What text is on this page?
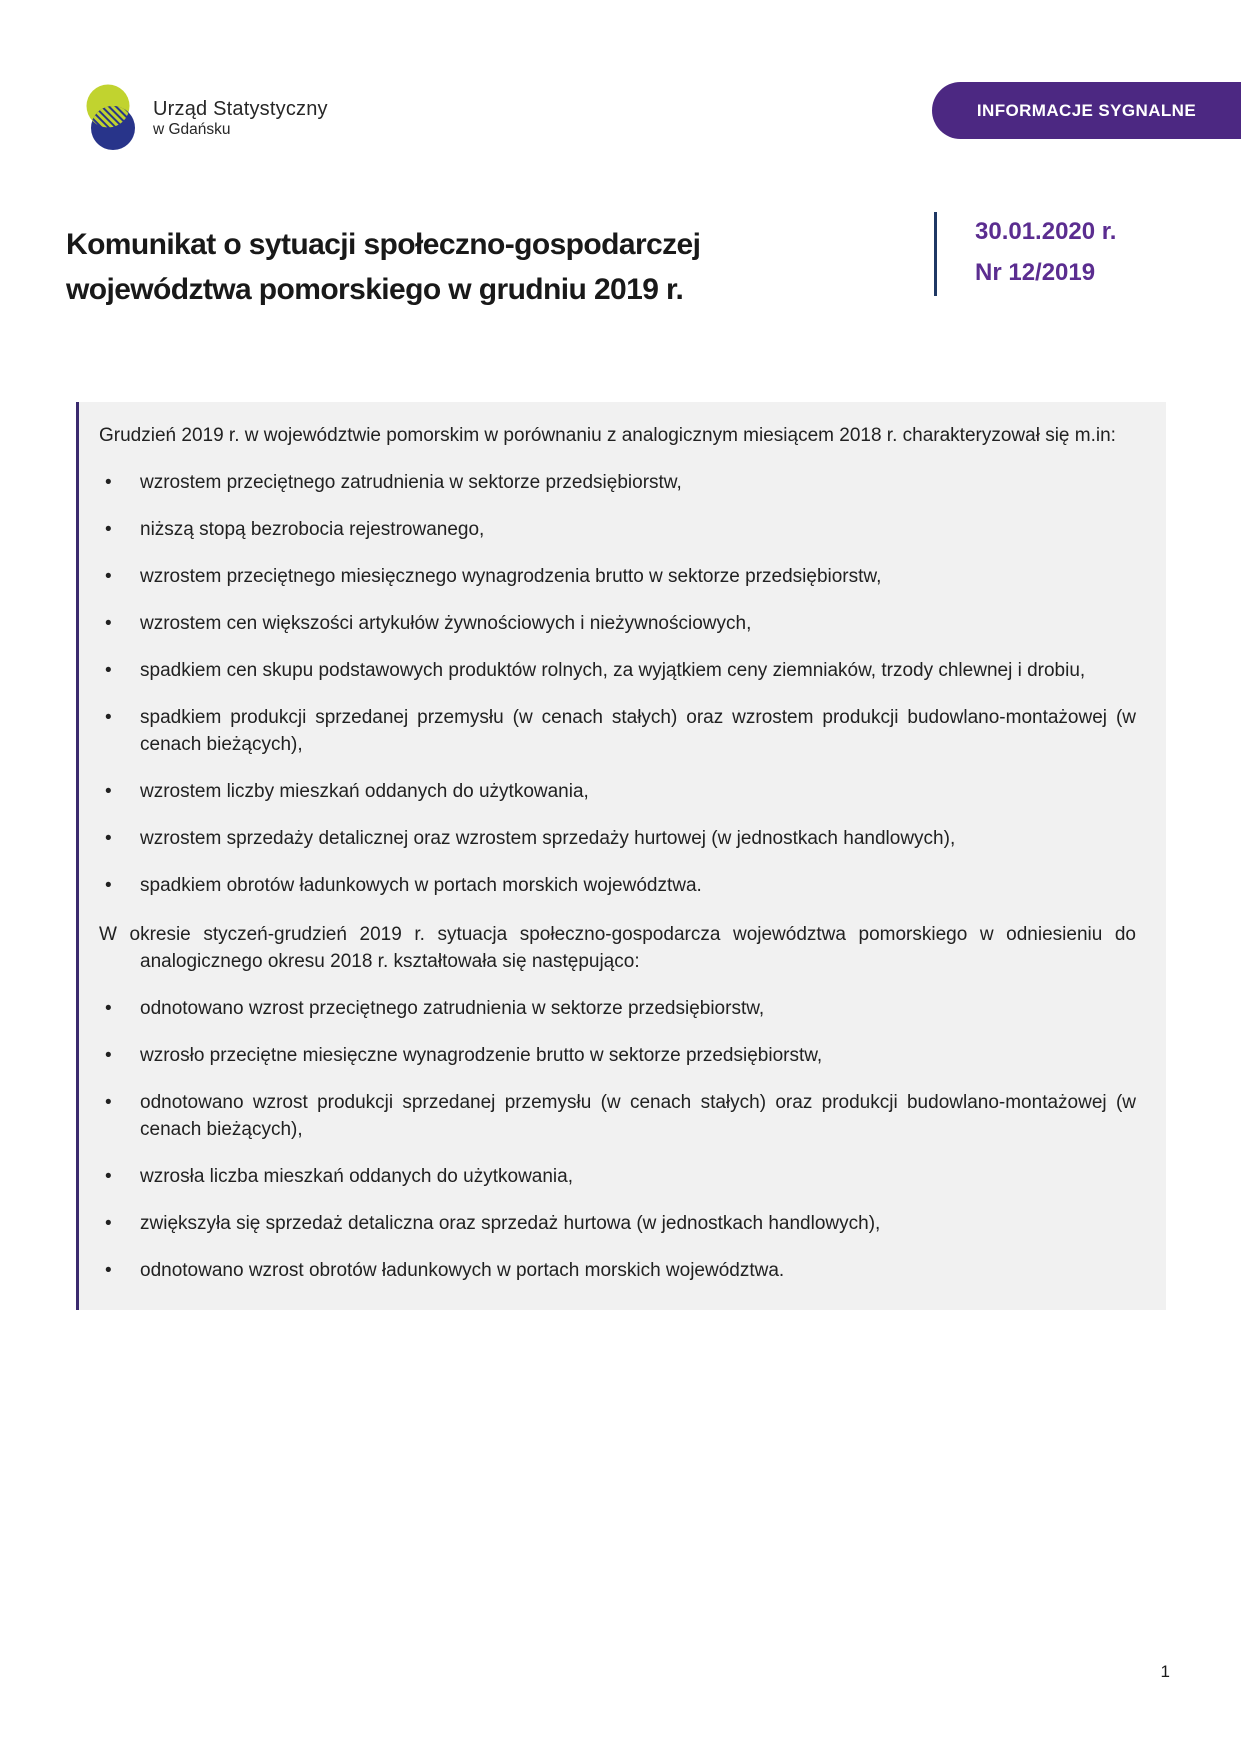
Urząd Statystyczny
w Gdańsku
INFORMACJE SYGNALNE
Komunikat o sytuacji społeczno-gospodarczej
województwa pomorskiego w grudniu 2019 r.
30.01.2020 r.
Nr 12/2019

Grudzień 2019 r. w województwie pomorskim w porównaniu z analogicznym miesiącem 2018 r. charakteryzował się m.in:

• wzrostem przeciętnego zatrudnienia w sektorze przedsiębiorstw,
• niższą stopą bezrobocia rejestrowanego,
• wzrostem przeciętnego miesięcznego wynagrodzenia brutto w sektorze przedsiębiorstw,
• wzrostem cen większości artykułów żywnościowych i nieżywnościowych,
• spadkiem cen skupu podstawowych produktów rolnych, za wyjątkiem ceny ziemniaków, trzody chlewnej i drobiu,
• spadkiem produkcji sprzedanej przemysłu (w cenach stałych) oraz wzrostem produkcji budowlano-montażowej (w cenach bieżących),
• wzrostem liczby mieszkań oddanych do użytkowania,
• wzrostem sprzedaży detalicznej oraz wzrostem sprzedaży hurtowej (w jednostkach handlowych),
• spadkiem obrotów ładunkowych w portach morskich województwa.

W okresie styczeń-grudzień 2019 r. sytuacja społeczno-gospodarcza województwa pomorskiego w odniesieniu do analogicznego okresu 2018 r. kształtowała się następująco:

• odnotowano wzrost przeciętnego zatrudnienia w sektorze przedsiębiorstw,
• wzrosło przeciętne miesięczne wynagrodzenie brutto w sektorze przedsiębiorstw,
• odnotowano wzrost produkcji sprzedanej przemysłu (w cenach stałych) oraz produkcji budowlano-montażowej (w cenach bieżących),
• wzrosła liczba mieszkań oddanych do użytkowania,
• zwiększyła się sprzedaż detaliczna oraz sprzedaż hurtowa (w jednostkach handlowych),
• odnotowano wzrost obrotów ładunkowych w portach morskich województwa.
1
